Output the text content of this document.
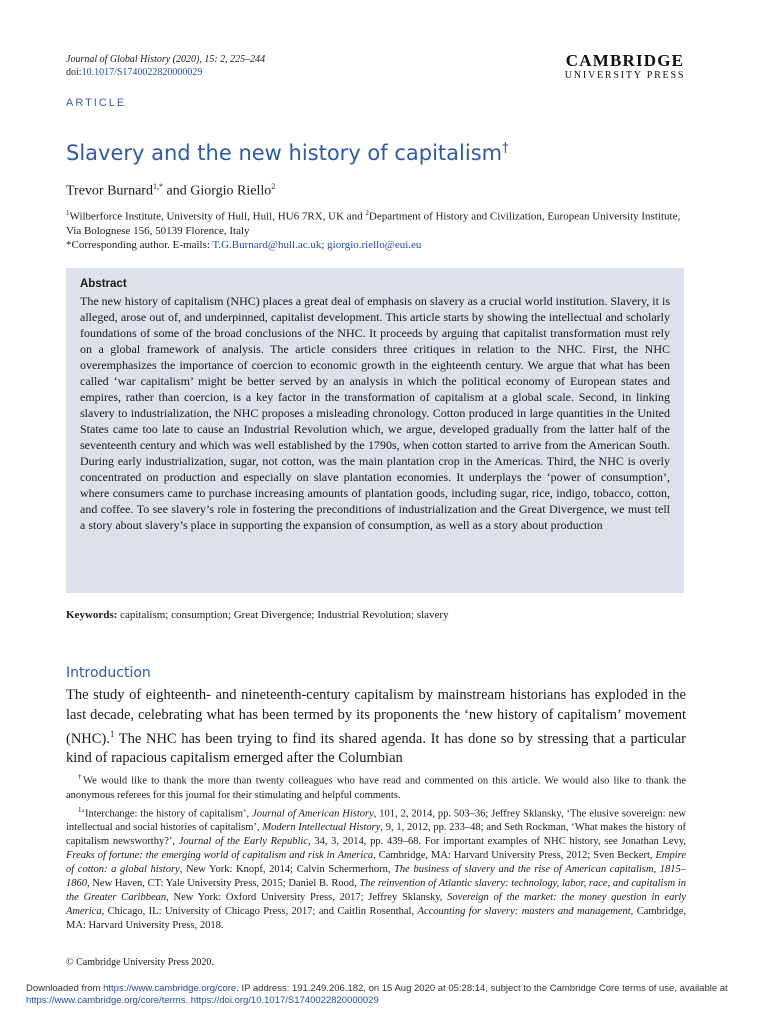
Journal of Global History (2020), 15: 2, 225–244
doi:10.1017/S1740022820000029
CAMBRIDGE
UNIVERSITY PRESS
ARTICLE
Slavery and the new history of capitalism†
Trevor Burnard$^{1,*}$ and Giorgio Riello$^2$
$^1$Wilberforce Institute, University of Hull, Hull, HU6 7RX, UK and $^2$Department of History and Civilization, European University Institute, Via Bolognese 156, 50139 Florence, Italy
*Corresponding author. E-mails: T.G.Burnard@hull.ac.uk; giorgio.riello@eui.eu
Abstract
The new history of capitalism (NHC) places a great deal of emphasis on slavery as a crucial world institution. Slavery, it is alleged, arose out of, and underpinned, capitalist development. This article starts by showing the intellectual and scholarly foundations of some of the broad conclusions of the NHC. It proceeds by arguing that capitalist transformation must rely on a global framework of analysis. The article considers three critiques in relation to the NHC. First, the NHC overemphasizes the importance of coercion to economic growth in the eighteenth century. We argue that what has been called ‘war capitalism’ might be better served by an analysis in which the political economy of European states and empires, rather than coercion, is a key factor in the transformation of capitalism at a global scale. Second, in linking slavery to industrialization, the NHC proposes a misleading chronology. Cotton produced in large quantities in the United States came too late to cause an Industrial Revolution which, we argue, developed gradually from the latter half of the seventeenth century and which was well established by the 1790s, when cotton started to arrive from the American South. During early industrialization, sugar, not cotton, was the main plantation crop in the Americas. Third, the NHC is overly concentrated on production and especially on slave plantation economies. It underplays the ‘power of consumption’, where consumers came to purchase increasing amounts of plantation goods, including sugar, rice, indigo, tobacco, cotton, and coffee. To see slavery’s role in fostering the preconditions of industrialization and the Great Divergence, we must tell a story about slavery’s place in supporting the expansion of consumption, as well as a story about production
Keywords: capitalism; consumption; Great Divergence; Industrial Revolution; slavery
Introduction
The study of eighteenth- and nineteenth-century capitalism by mainstream historians has exploded in the last decade, celebrating what has been termed by its proponents the ‘new history of capitalism’ movement (NHC).$^1$ The NHC has been trying to find its shared agenda. It has done so by stressing that a particular kind of rapacious capitalism emerged after the Columbian

†We would like to thank the more than twenty colleagues who have read and commented on this article. We would also like to thank the anonymous referees for this journal for their stimulating and helpful comments.

$^1$‘Interchange: the history of capitalism’, Journal of American History, 101, 2, 2014, pp. 503–36; Jeffrey Sklansky, ‘The elusive sovereign: new intellectual and social histories of capitalism’, Modern Intellectual History, 9, 1, 2012, pp. 233–48; and Seth Rockman, ‘What makes the history of capitalism newsworthy?’, Journal of the Early Republic, 34, 3, 2014, pp. 439–68. For important examples of NHC history, see Jonathan Levy, Freaks of fortune: the emerging world of capitalism and risk in America, Cambridge, MA: Harvard University Press, 2012; Sven Beckert, Empire of cotton: a global history, New York: Knopf, 2014; Calvin Schermerhorn, The business of slavery and the rise of American capitalism, 1815–1860, New Haven, CT: Yale University Press, 2015; Daniel B. Rood, The reinvention of Atlantic slavery: technology, labor, race, and capitalism in the Greater Caribbean, New York: Oxford University Press, 2017; Jeffrey Sklansky, Sovereign of the market: the money question in early America, Chicago, IL: University of Chicago Press, 2017; and Caitlin Rosenthal, Accounting for slavery: masters and management, Cambridge, MA: Harvard University Press, 2018.

© Cambridge University Press 2020.
Downloaded from https://www.cambridge.org/core. IP address: 191.249.206.182, on 15 Aug 2020 at 05:28:14, subject to the Cambridge Core terms of use, available at https://www.cambridge.org/core/terms. https://doi.org/10.1017/S1740022820000029
